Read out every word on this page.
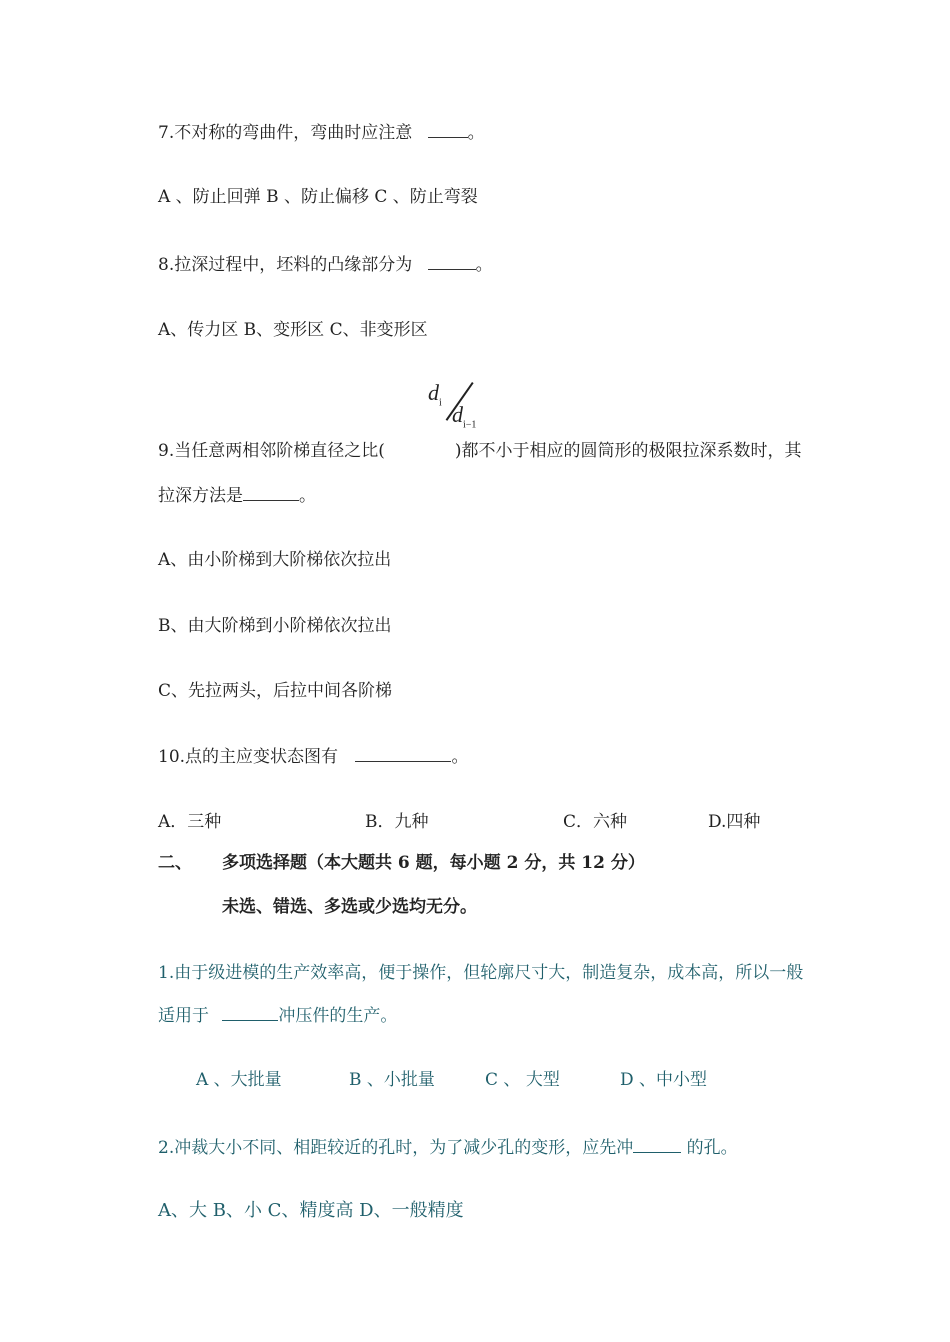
7.不对称的弯曲件，弯曲时应注意	。
A 、防止回弹 B 、防止偏移 C 、防止弯裂
8.拉深过程中，坯料的凸缘部分为	。
A、传力区 B、变形区 C、非变形区
$d_i$ $d_{i-1}$
9.当任意两相邻阶梯直径之比(	)都不小于相应的圆筒形的极限拉深系数时，其
拉深方法是	。
A、由小阶梯到大阶梯依次拉出
B、由大阶梯到小阶梯依次拉出
C、先拉两头，后拉中间各阶梯
10.点的主应变状态图有	。
A．三种	B．九种	C．六种	D.四种
二、 多项选择题（本大题共 6 题，每小题 2 分，共 12 分）
未选、错选、多选或少选均无分。
1.由于级进模的生产效率高，便于操作，但轮廓尺寸大，制造复杂，成本高，所以一般
适用于	冲压件的生产。
A 、大批量	B 、小批量	C 、 大型	D 、中小型
2.冲裁大小不同、相距较近的孔时，为了减少孔的变形，应先冲	的孔。
A、大 B、小 C、精度高 D、一般精度
